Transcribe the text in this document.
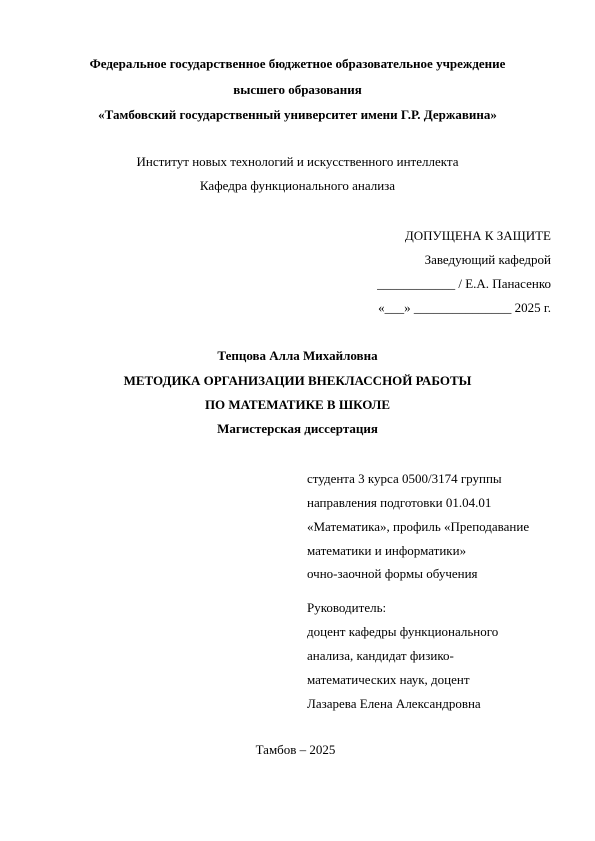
Федеральное государственное бюджетное образовательное учреждение
высшего образования
«Тамбовский государственный университет имени Г.Р. Державина»
Институт новых технологий и искусственного интеллекта
Кафедра функционального анализа
ДОПУЩЕНА К ЗАЩИТЕ
Заведующий кафедрой
____________ / Е.А. Панасенко
«___» _______________ 2025 г.
Тепцова Алла Михайловна
МЕТОДИКА ОРГАНИЗАЦИИ ВНЕКЛАССНОЙ РАБОТЫ
ПО МАТЕМАТИКЕ В ШКОЛЕ
Магистерская диссертация
студента 3 курса 0500/3174 группы
направления подготовки 01.04.01
«Математика», профиль «Преподавание
математики и информатики»
очно-заочной формы обучения
Руководитель:
доцент кафедры функционального
анализа, кандидат физико-
математических наук, доцент
Лазарева Елена Александровна
Тамбов – 2025
